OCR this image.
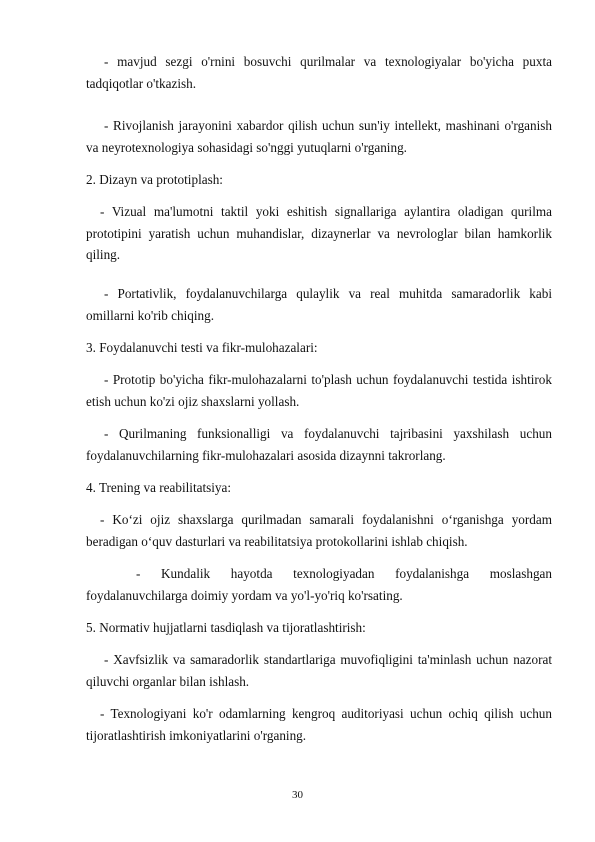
- mavjud sezgi o'rnini bosuvchi qurilmalar va texnologiyalar bo'yicha puxta tadqiqotlar o'tkazish.

- Rivojlanish jarayonini xabardor qilish uchun sun'iy intellekt, mashinani o'rganish va neyrotexnologiya sohasidagi so'nggi yutuqlarni o'rganing.

2. Dizayn va prototiplash:

- Vizual ma'lumotni taktil yoki eshitish signallariga aylantira oladigan qurilma prototipini yaratish uchun muhandislar, dizaynerlar va nevrologlar bilan hamkorlik qiling.

- Portativlik, foydalanuvchilarga qulaylik va real muhitda samaradorlik kabi omillarni ko'rib chiqing.

3. Foydalanuvchi testi va fikr-mulohazalari:

- Prototip bo'yicha fikr-mulohazalarni to'plash uchun foydalanuvchi testida ishtirok etish uchun ko'zi ojiz shaxslarni yollash.

- Qurilmaning funksionalligi va foydalanuvchi tajribasini yaxshilash uchun foydalanuvchilarning fikr-mulohazalari asosida dizaynni takrorlang.

4. Trening va reabilitatsiya:

- Ko‘zi ojiz shaxslarga qurilmadan samarali foydalanishni o‘rganishga yordam beradigan o‘quv dasturlari va reabilitatsiya protokollarini ishlab chiqish.

- Kundalik hayotda texnologiyadan foydalanishga moslashgan foydalanuvchilarga doimiy yordam va yo'l-yo'riq ko'rsating.

5. Normativ hujjatlarni tasdiqlash va tijoratlashtirish:

- Xavfsizlik va samaradorlik standartlariga muvofiqligini ta'minlash uchun nazorat qiluvchi organlar bilan ishlash.

- Texnologiyani ko'r odamlarning kengroq auditoriyasi uchun ochiq qilish uchun tijoratlashtirish imkoniyatlarini o'rganing.

30
